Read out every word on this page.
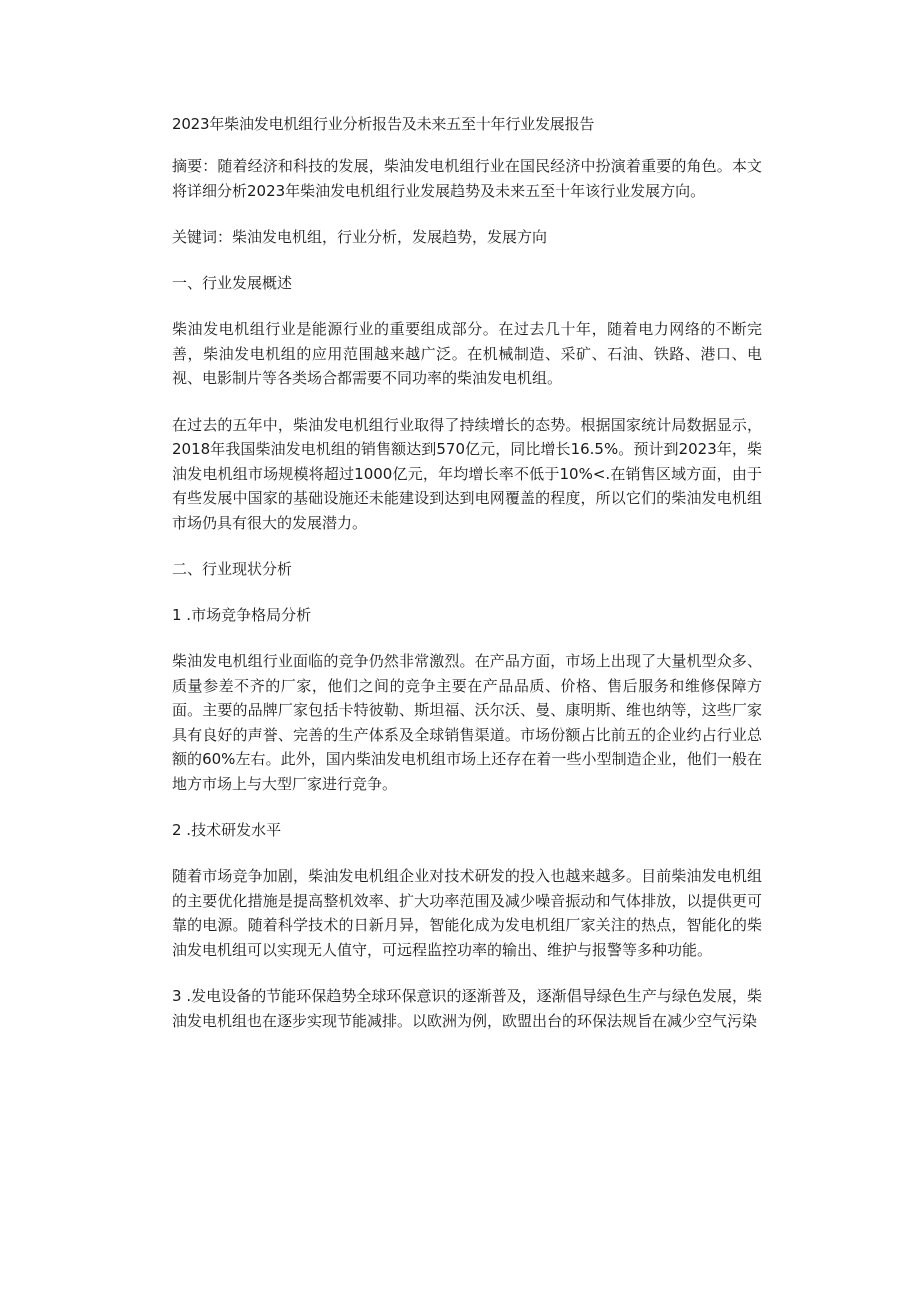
2023年柴油发电机组行业分析报告及未来五至十年行业发展报告
摘要：随着经济和科技的发展，柴油发电机组行业在国民经济中扮演着重要的角色。本文将详细分析2023年柴油发电机组行业发展趋势及未来五至十年该行业发展方向。
关键词：柴油发电机组，行业分析，发展趋势，发展方向
一、行业发展概述
柴油发电机组行业是能源行业的重要组成部分。在过去几十年，随着电力网络的不断完善，柴油发电机组的应用范围越来越广泛。在机械制造、采矿、石油、铁路、港口、电视、电影制片等各类场合都需要不同功率的柴油发电机组。
在过去的五年中，柴油发电机组行业取得了持续增长的态势。根据国家统计局数据显示，2018年我国柴油发电机组的销售额达到570亿元，同比增长16.5%。预计到2023年，柴油发电机组市场规模将超过1000亿元，年均增长率不低于10%<.在销售区域方面，由于有些发展中国家的基础设施还未能建设到达到电网覆盖的程度，所以它们的柴油发电机组市场仍具有很大的发展潜力。
二、行业现状分析
1 .市场竞争格局分析
柴油发电机组行业面临的竞争仍然非常激烈。在产品方面，市场上出现了大量机型众多、质量参差不齐的厂家，他们之间的竞争主要在产品品质、价格、售后服务和维修保障方面。主要的品牌厂家包括卡特彼勒、斯坦福、沃尔沃、曼、康明斯、维也纳等，这些厂家具有良好的声誉、完善的生产体系及全球销售渠道。市场份额占比前五的企业约占行业总额的60%左右。此外，国内柴油发电机组市场上还存在着一些小型制造企业，他们一般在地方市场上与大型厂家进行竞争。
2 .技术研发水平
随着市场竞争加剧，柴油发电机组企业对技术研发的投入也越来越多。目前柴油发电机组的主要优化措施是提高整机效率、扩大功率范围及减少噪音振动和气体排放，以提供更可靠的电源。随着科学技术的日新月异，智能化成为发电机组厂家关注的热点，智能化的柴油发电机组可以实现无人值守，可远程监控功率的输出、维护与报警等多种功能。
3 .发电设备的节能环保趋势全球环保意识的逐渐普及，逐渐倡导绿色生产与绿色发展，柴油发电机组也在逐步实现节能减排。以欧洲为例，欧盟出台的环保法规旨在减少空气污染
